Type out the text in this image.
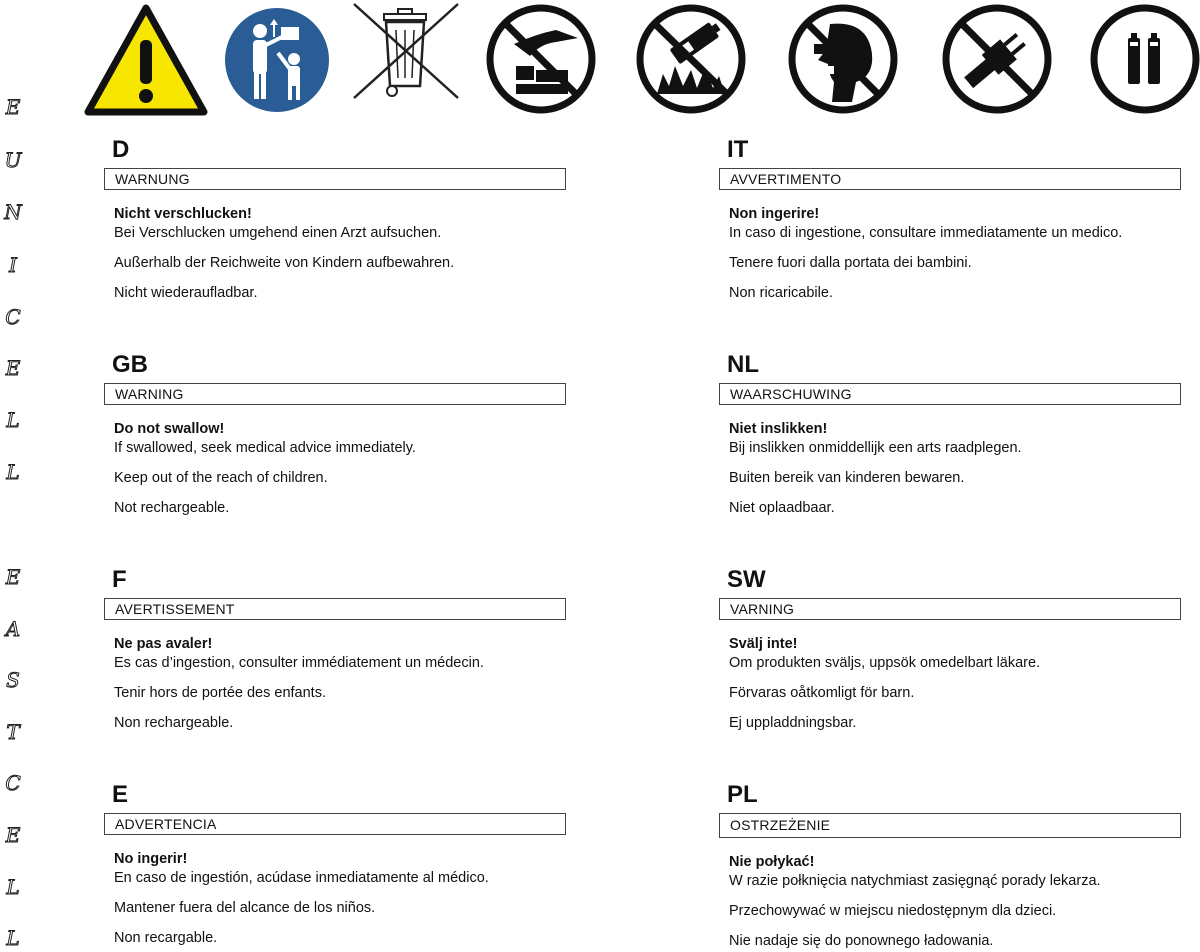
E
U
N
I
C
E
L
L
E
A
S
T
C
E
L
L
D
WARNUNG
Nicht verschlucken!
Bei Verschlucken umgehend einen Arzt aufsuchen.
Außerhalb der Reichweite von Kindern aufbewahren.
Nicht wiederaufladbar.
IT
AVVERTIMENTO
Non ingerire!
In caso di ingestione, consultare immediatamente un medico.
Tenere fuori dalla portata dei bambini.
Non ricaricabile.
GB
WARNING
Do not swallow!
If swallowed, seek medical advice immediately.
Keep out of the reach of children.
Not rechargeable.
NL
WAARSCHUWING
Niet inslikken!
Bij inslikken onmiddellijk een arts raadplegen.
Buiten bereik van kinderen bewaren.
Niet oplaadbaar.
F
AVERTISSEMENT
Ne pas avaler!
Es cas d’ingestion, consulter immédiatement un médecin.
Tenir hors de portée des enfants.
Non rechargeable.
SW
VARNING
Svälj inte!
Om produkten sväljs, uppsök omedelbart läkare.
Förvaras oåtkomligt för barn.
Ej uppladdningsbar.
E
ADVERTENCIA
No ingerir!
En caso de ingestión, acúdase inmediatamente al médico.
Mantener fuera del alcance de los niños.
Non recargable.
PL
OSTRZEŻENIE
Nie połykać!
W razie połknięcia natychmiast zasięgnąć porady lekarza.
Przechowywać w miejscu niedostępnym dla dzieci.
Nie nadaje się do ponownego ładowania.
